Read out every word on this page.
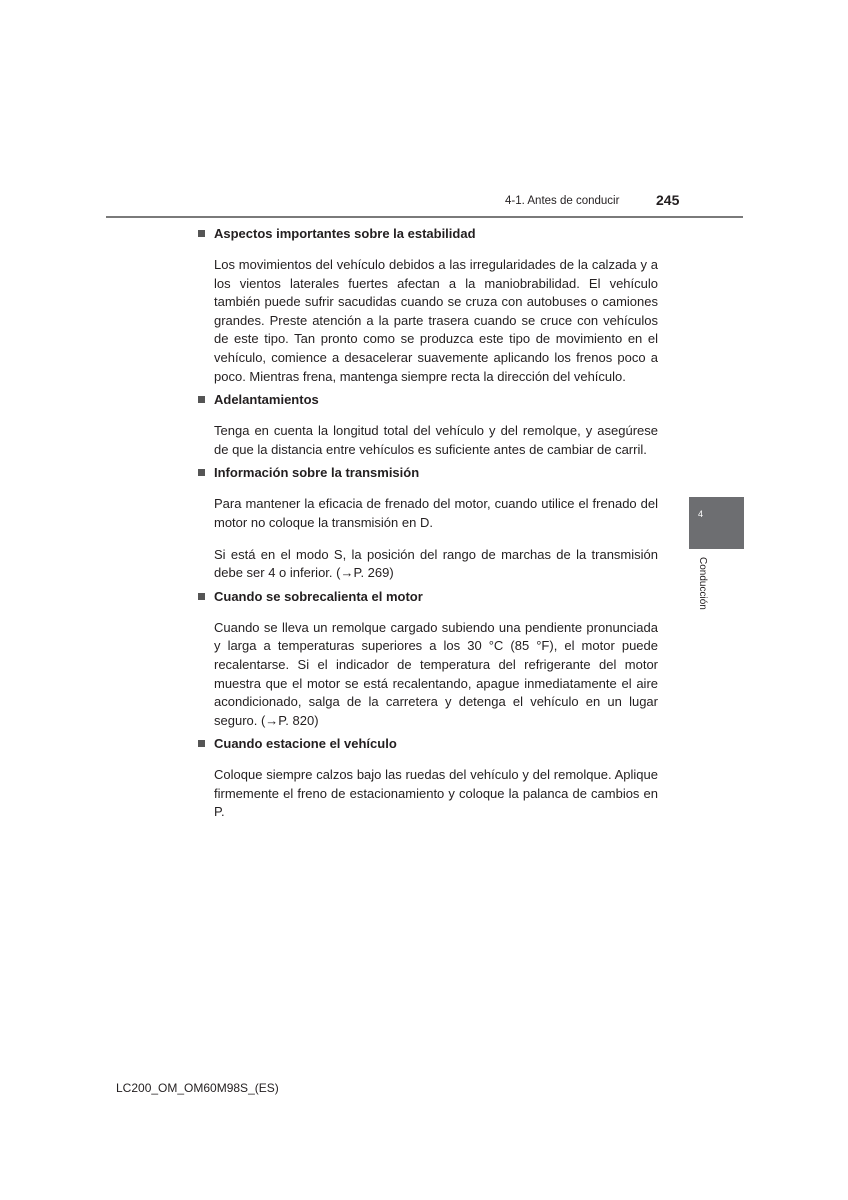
4-1. Antes de conducir	245
Aspectos importantes sobre la estabilidad

Los movimientos del vehículo debidos a las irregularidades de la calzada y a los vientos laterales fuertes afectan a la maniobrabilidad. El vehículo también puede sufrir sacudidas cuando se cruza con autobuses o camiones grandes. Preste atención a la parte trasera cuando se cruce con vehículos de este tipo. Tan pronto como se produzca este tipo de movimiento en el vehículo, comience a desacelerar suavemente aplicando los frenos poco a poco. Mientras frena, mantenga siempre recta la dirección del vehículo.

Adelantamientos

Tenga en cuenta la longitud total del vehículo y del remolque, y asegúrese de que la distancia entre vehículos es suficiente antes de cambiar de carril.

Información sobre la transmisión

Para mantener la eficacia de frenado del motor, cuando utilice el frenado del motor no coloque la transmisión en D.

Si está en el modo S, la posición del rango de marchas de la transmisión debe ser 4 o inferior. (→P. 269)

Cuando se sobrecalienta el motor

Cuando se lleva un remolque cargado subiendo una pendiente pronunciada y larga a temperaturas superiores a los 30 °C (85 °F), el motor puede recalentarse. Si el indicador de temperatura del refrigerante del motor muestra que el motor se está recalentando, apague inmediatamente el aire acondicionado, salga de la carretera y detenga el vehículo en un lugar seguro. (→P. 820)

Cuando estacione el vehículo

Coloque siempre calzos bajo las ruedas del vehículo y del remolque. Aplique firmemente el freno de estacionamiento y coloque la palanca de cambios en P.

4
Conducción
LC200_OM_OM60M98S_(ES)
